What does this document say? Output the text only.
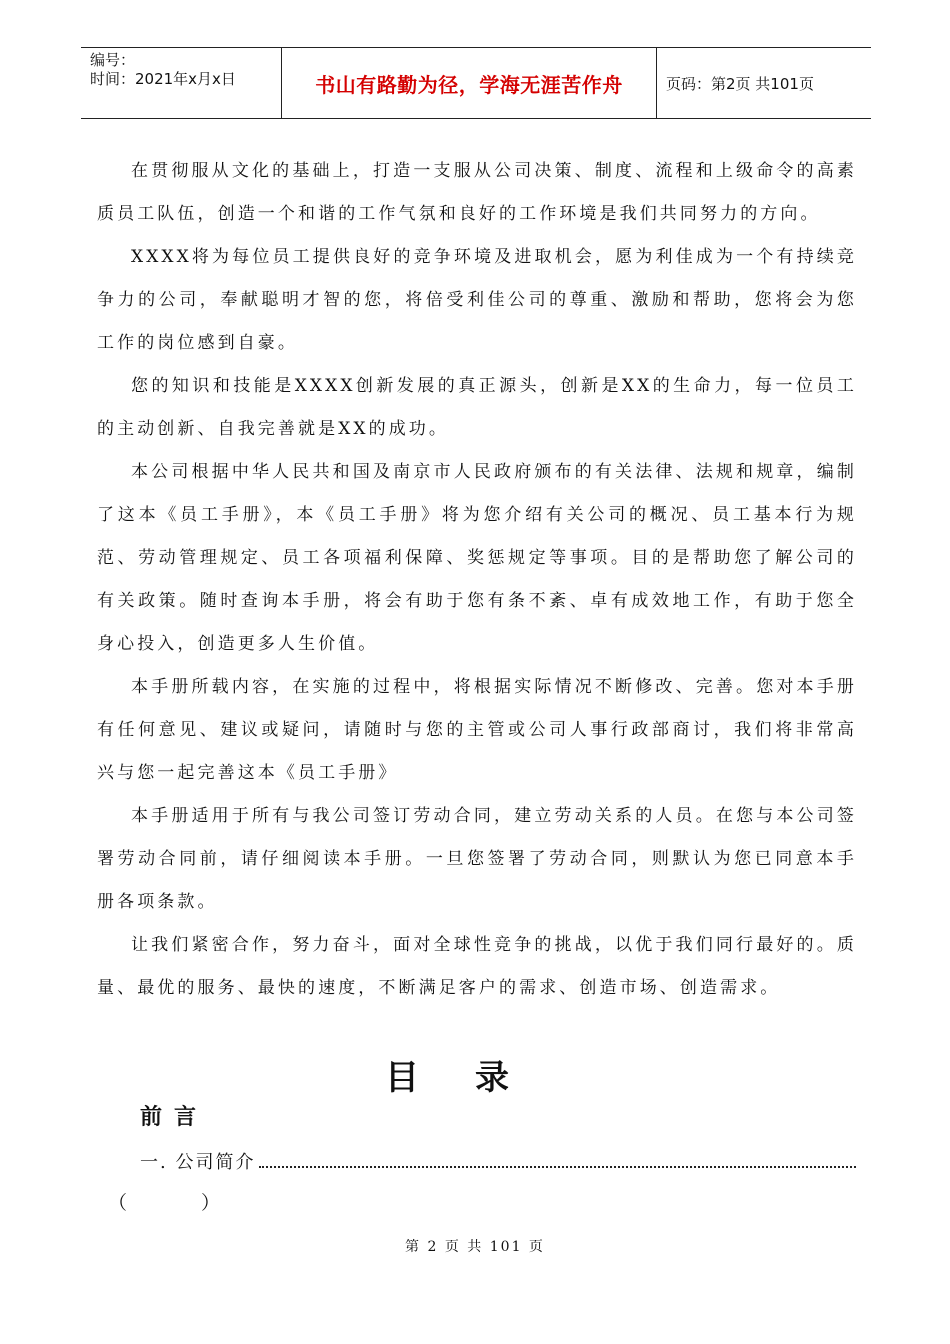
编号：
时间：2021年x月x日	书山有路勤为径，学海无涯苦作舟	页码：第2页 共101页

在贯彻服从文化的基础上，打造一支服从公司决策、制度、流程和上级命令的高素质员工队伍，创造一个和谐的工作气氛和良好的工作环境是我们共同努力的方向。

XXXX将为每位员工提供良好的竞争环境及进取机会，愿为利佳成为一个有持续竞争力的公司，奉献聪明才智的您，将倍受利佳公司的尊重、激励和帮助，您将会为您工作的岗位感到自豪。

您的知识和技能是XXXX创新发展的真正源头，创新是XX的生命力，每一位员工的主动创新、自我完善就是XX的成功。

本公司根据中华人民共和国及南京市人民政府颁布的有关法律、法规和规章，编制了这本《员工手册》，本《员工手册》将为您介绍有关公司的概况、员工基本行为规范、劳动管理规定、员工各项福利保障、奖惩规定等事项。目的是帮助您了解公司的有关政策。随时查询本手册，将会有助于您有条不紊、卓有成效地工作，有助于您全身心投入，创造更多人生价值。

本手册所载内容，在实施的过程中，将根据实际情况不断修改、完善。您对本手册有任何意见、建议或疑问，请随时与您的主管或公司人事行政部商讨，我们将非常高兴与您一起完善这本《员工手册》

本手册适用于所有与我公司签订劳动合同，建立劳动关系的人员。在您与本公司签署劳动合同前，请仔细阅读本手册。一旦您签署了劳动合同，则默认为您已同意本手册各项条款。

让我们紧密合作，努力奋斗，面对全球性竞争的挑战，以优于我们同行最好的。质量、最优的服务、最快的速度，不断满足客户的需求、创造市场、创造需求。

目录
前言
一. 公司简介
（	）
第 2 页 共 101 页
